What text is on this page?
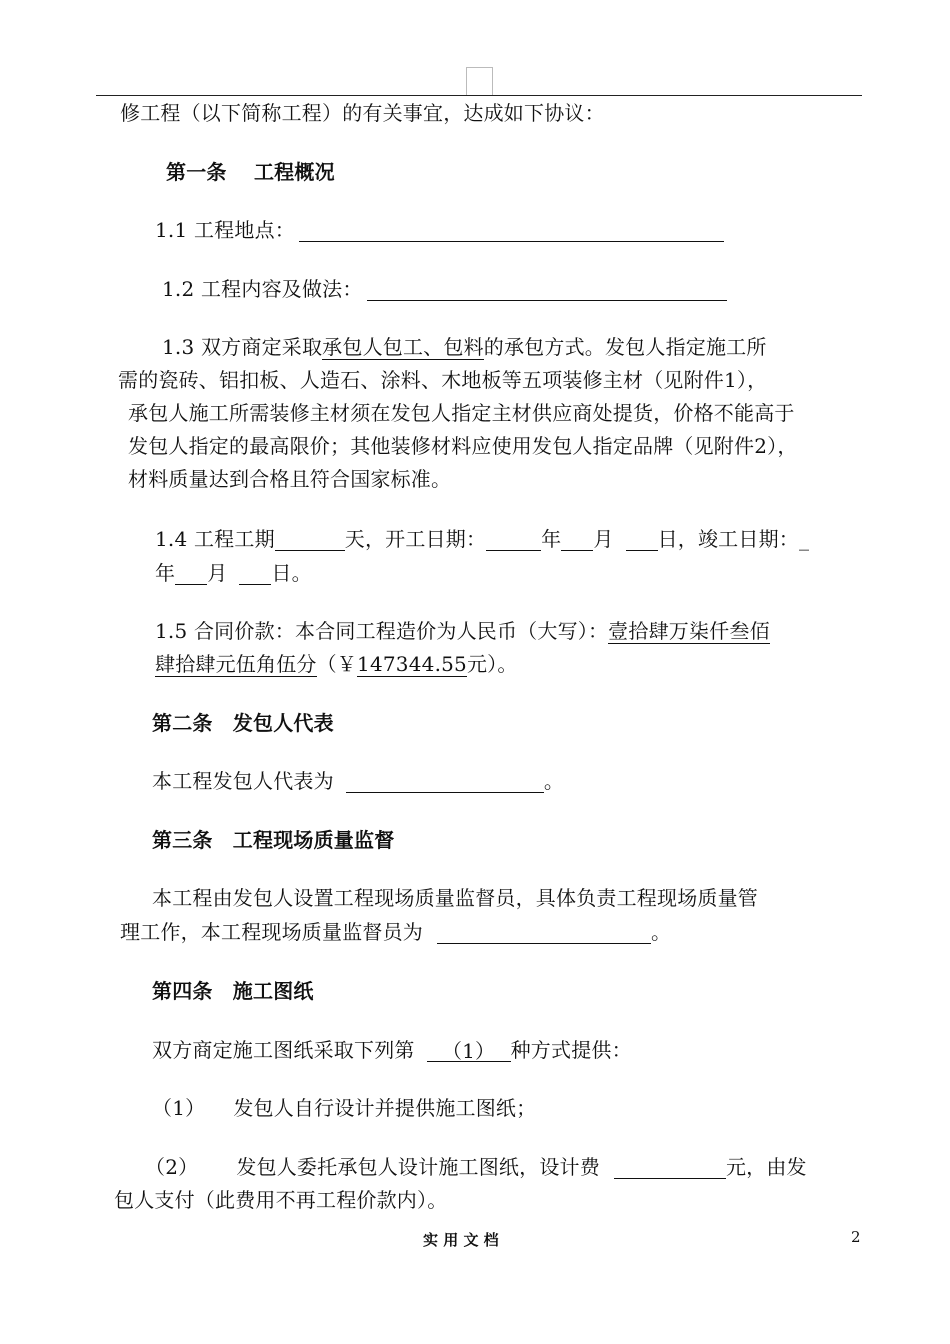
修工程（以下简称工程）的有关事宜，达成如下协议：
第一条　 工程概况
1.1 工程地点：
1.2 工程内容及做法：
1.3 双方商定采取承包人包工、包料的承包方式。发包人指定施工所
需的瓷砖、铝扣板、人造石、涂料、木地板等五项装修主材（见附件1），
承包人施工所需装修主材须在发包人指定主材供应商处提货，价格不能高于
发包人指定的最高限价；其他装修材料应使用发包人指定品牌（见附件2），
材料质量达到合格且符合国家标准。
1.4 工程工期	天，开工日期：	年 月 日，竣工日期：_
年 月 日。
1.5 合同价款：本合同工程造价为人民币（大写）：壹拾肆万柒仟叁佰
肆拾肆元伍角伍分（￥147344.55元）。
第二条　发包人代表
本工程发包人代表为	。
第三条　工程现场质量监督
本工程由发包人设置工程现场质量监督员，具体负责工程现场质量管
理工作，本工程现场质量监督员为	。
第四条　施工图纸
双方商定施工图纸采取下列第 （1） 种方式提供：
（1） 发包人自行设计并提供施工图纸；
（2） 发包人委托承包人设计施工图纸，设计费	元，由发
包人支付（此费用不再工程价款内）。
实 用 文 档	2
